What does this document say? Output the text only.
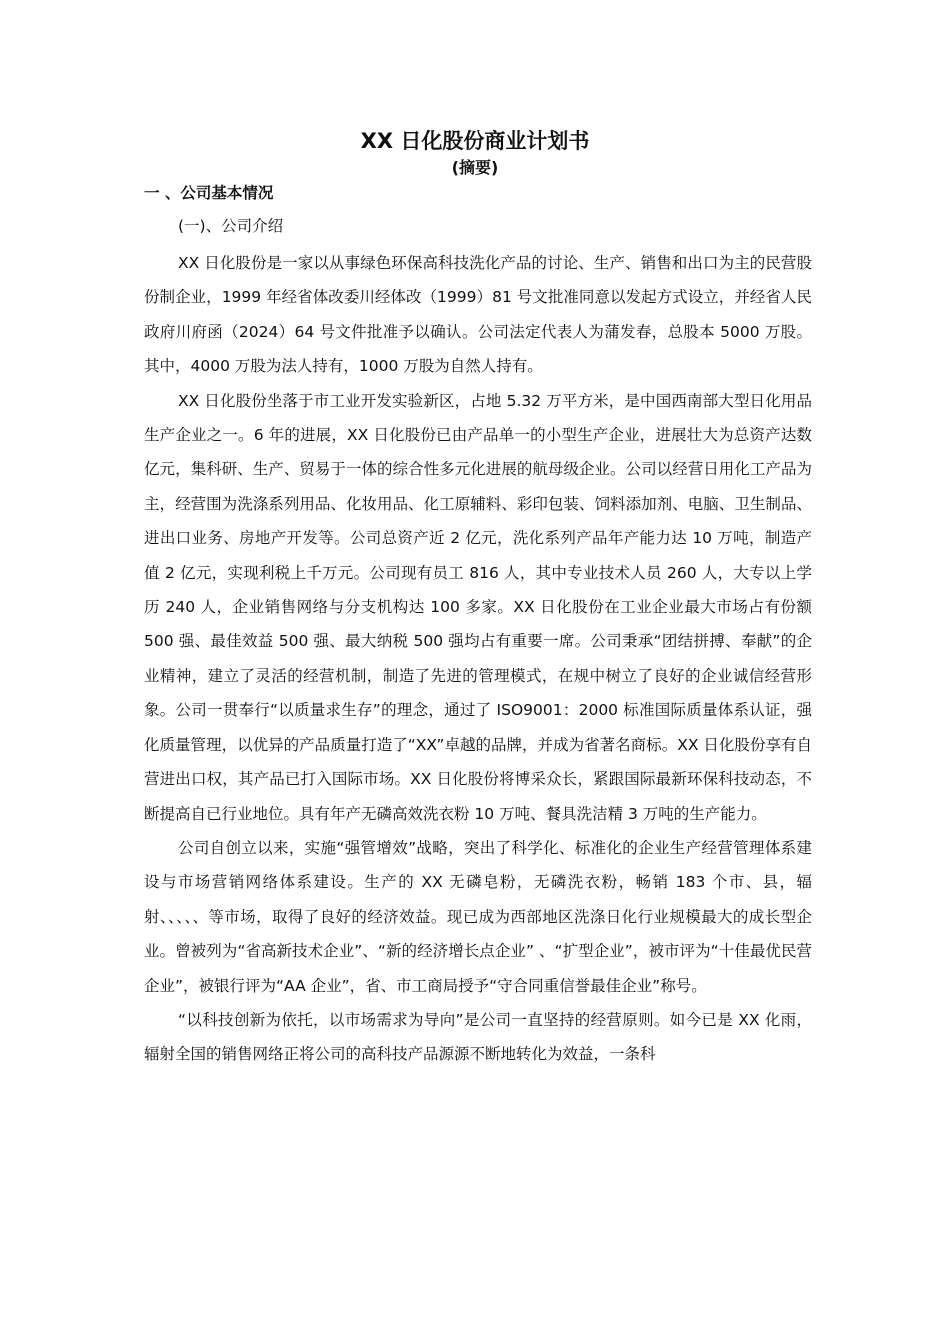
XX 日化股份商业计划书
(摘要)
一 、公司基本情况
(一)、公司介绍

XX 日化股份是一家以从事绿色环保高科技洗化产品的讨论、生产、销售和出口为主的民营股份制企业，1999 年经省体改委川经体改（1999）81 号文批准同意以发起方式设立，并经省人民政府川府函（2024）64 号文件批准予以确认。公司法定代表人为蒲发春，总股本 5000 万股。其中，4000 万股为法人持有，1000 万股为自然人持有。

XX 日化股份坐落于市工业开发实验新区，占地 5.32 万平方米，是中国西南部大型日化用品生产企业之一。6 年的进展，XX 日化股份已由产品单一的小型生产企业，进展壮大为总资产达数亿元，集科研、生产、贸易于一体的综合性多元化进展的航母级企业。公司以经营日用化工产品为主，经营围为洗涤系列用品、化妆用品、化工原辅料、彩印包装、饲料添加剂、电脑、卫生制品、进出口业务、房地产开发等。公司总资产近 2 亿元，洗化系列产品年产能力达 10 万吨，制造产值 2 亿元，实现利税上千万元。公司现有员工 816 人，其中专业技术人员 260 人，大专以上学历 240 人，企业销售网络与分支机构达 100 多家。XX 日化股份在工业企业最大市场占有份额 500 强、最佳效益 500 强、最大纳税 500 强均占有重要一席。公司秉承“团结拼搏、奉献”的企业精神，建立了灵活的经营机制，制造了先进的管理模式，在规中树立了良好的企业诚信经营形象。公司一贯奉行“以质量求生存”的理念，通过了 ISO9001：2000 标准国际质量体系认证，强化质量管理，以优异的产品质量打造了“XX”卓越的品牌，并成为省著名商标。XX 日化股份享有自营进出口权，其产品已打入国际市场。XX 日化股份将博采众长，紧跟国际最新环保科技动态，不断提高自已行业地位。具有年产无磷高效洗衣粉 10 万吨、餐具洗洁精 3 万吨的生产能力。

公司自创立以来，实施“强管增效”战略，突出了科学化、标准化的企业生产经营管理体系建设与市场营销网络体系建设。生产的 XX 无磷皂粉，无磷洗衣粉，畅销 183 个市、县，辐射、、、、、等市场，取得了良好的经济效益。现已成为西部地区洗涤日化行业规模最大的成长型企业。曾被列为“省高新技术企业”、“新的经济增长点企业” 、“扩型企业”，被市评为“十佳最优民营企业”，被银行评为“AA 企业”，省、市工商局授予“守合同重信誉最佳企业”称号。

“以科技创新为依托，以市场需求为导向”是公司一直坚持的经营原则。如今已是 XX 化雨，辐射全国的销售网络正将公司的高科技产品源源不断地转化为效益，一条科
